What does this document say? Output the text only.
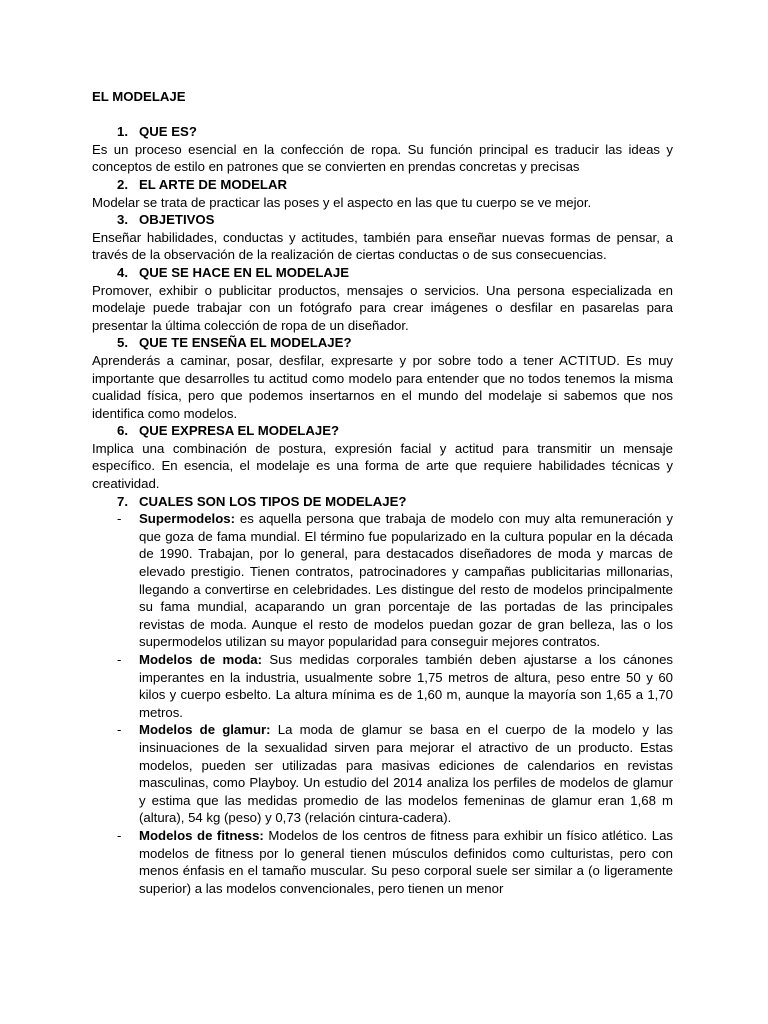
EL MODELAJE
1. QUE ES?

Es un proceso esencial en la confección de ropa. Su función principal es traducir las ideas y conceptos de estilo en patrones que se convierten en prendas concretas y precisas

2. EL ARTE DE MODELAR

Modelar se trata de practicar las poses y el aspecto en las que tu cuerpo se ve mejor.

3. OBJETIVOS

Enseñar habilidades, conductas y actitudes, también para enseñar nuevas formas de pensar, a través de la observación de la realización de ciertas conductas o de sus consecuencias.

4. QUE SE HACE EN EL MODELAJE

Promover, exhibir o publicitar productos, mensajes o servicios. Una persona especializada en modelaje puede trabajar con un fotógrafo para crear imágenes o desfilar en pasarelas para presentar la última colección de ropa de un diseñador.

5. QUE TE ENSEÑA EL MODELAJE?

Aprenderás a caminar, posar, desfilar, expresarte y por sobre todo a tener ACTITUD. Es muy importante que desarrolles tu actitud como modelo para entender que no todos tenemos la misma cualidad física, pero que podemos insertarnos en el mundo del modelaje si sabemos que nos identifica como modelos.

6. QUE EXPRESA EL MODELAJE?

Implica una combinación de postura, expresión facial y actitud para transmitir un mensaje específico. En esencia, el modelaje es una forma de arte que requiere habilidades técnicas y creatividad.

7. CUALES SON LOS TIPOS DE MODELAJE?
- Supermodelos: es aquella persona que trabaja de modelo con muy alta remuneración y que goza de fama mundial. El término fue popularizado en la cultura popular en la década de 1990. Trabajan, por lo general, para destacados diseñadores de moda y marcas de elevado prestigio. Tienen contratos, patrocinadores y campañas publicitarias millonarias, llegando a convertirse en celebridades. Les distingue del resto de modelos principalmente su fama mundial, acaparando un gran porcentaje de las portadas de las principales revistas de moda. Aunque el resto de modelos puedan gozar de gran belleza, las o los supermodelos utilizan su mayor popularidad para conseguir mejores contratos.
- Modelos de moda: Sus medidas corporales también deben ajustarse a los cánones imperantes en la industria, usualmente sobre 1,75 metros de altura, peso entre 50 y 60 kilos y cuerpo esbelto. La altura mínima es de 1,60 m, aunque la mayoría son 1,65 a 1,70 metros.
- Modelos de glamur: La moda de glamur se basa en el cuerpo de la modelo y las insinuaciones de la sexualidad sirven para mejorar el atractivo de un producto. Estas modelos, pueden ser utilizadas para masivas ediciones de calendarios en revistas masculinas, como Playboy. Un estudio del 2014 analiza los perfiles de modelos de glamur y estima que las medidas promedio de las modelos femeninas de glamur eran 1,68 m (altura), 54 kg (peso) y 0,73 (relación cintura-cadera).
- Modelos de fitness: Modelos de los centros de fitness para exhibir un físico atlético. Las modelos de fitness por lo general tienen músculos definidos como culturistas, pero con menos énfasis en el tamaño muscular. Su peso corporal suele ser similar a (o ligeramente superior) a las modelos convencionales, pero tienen un menor
